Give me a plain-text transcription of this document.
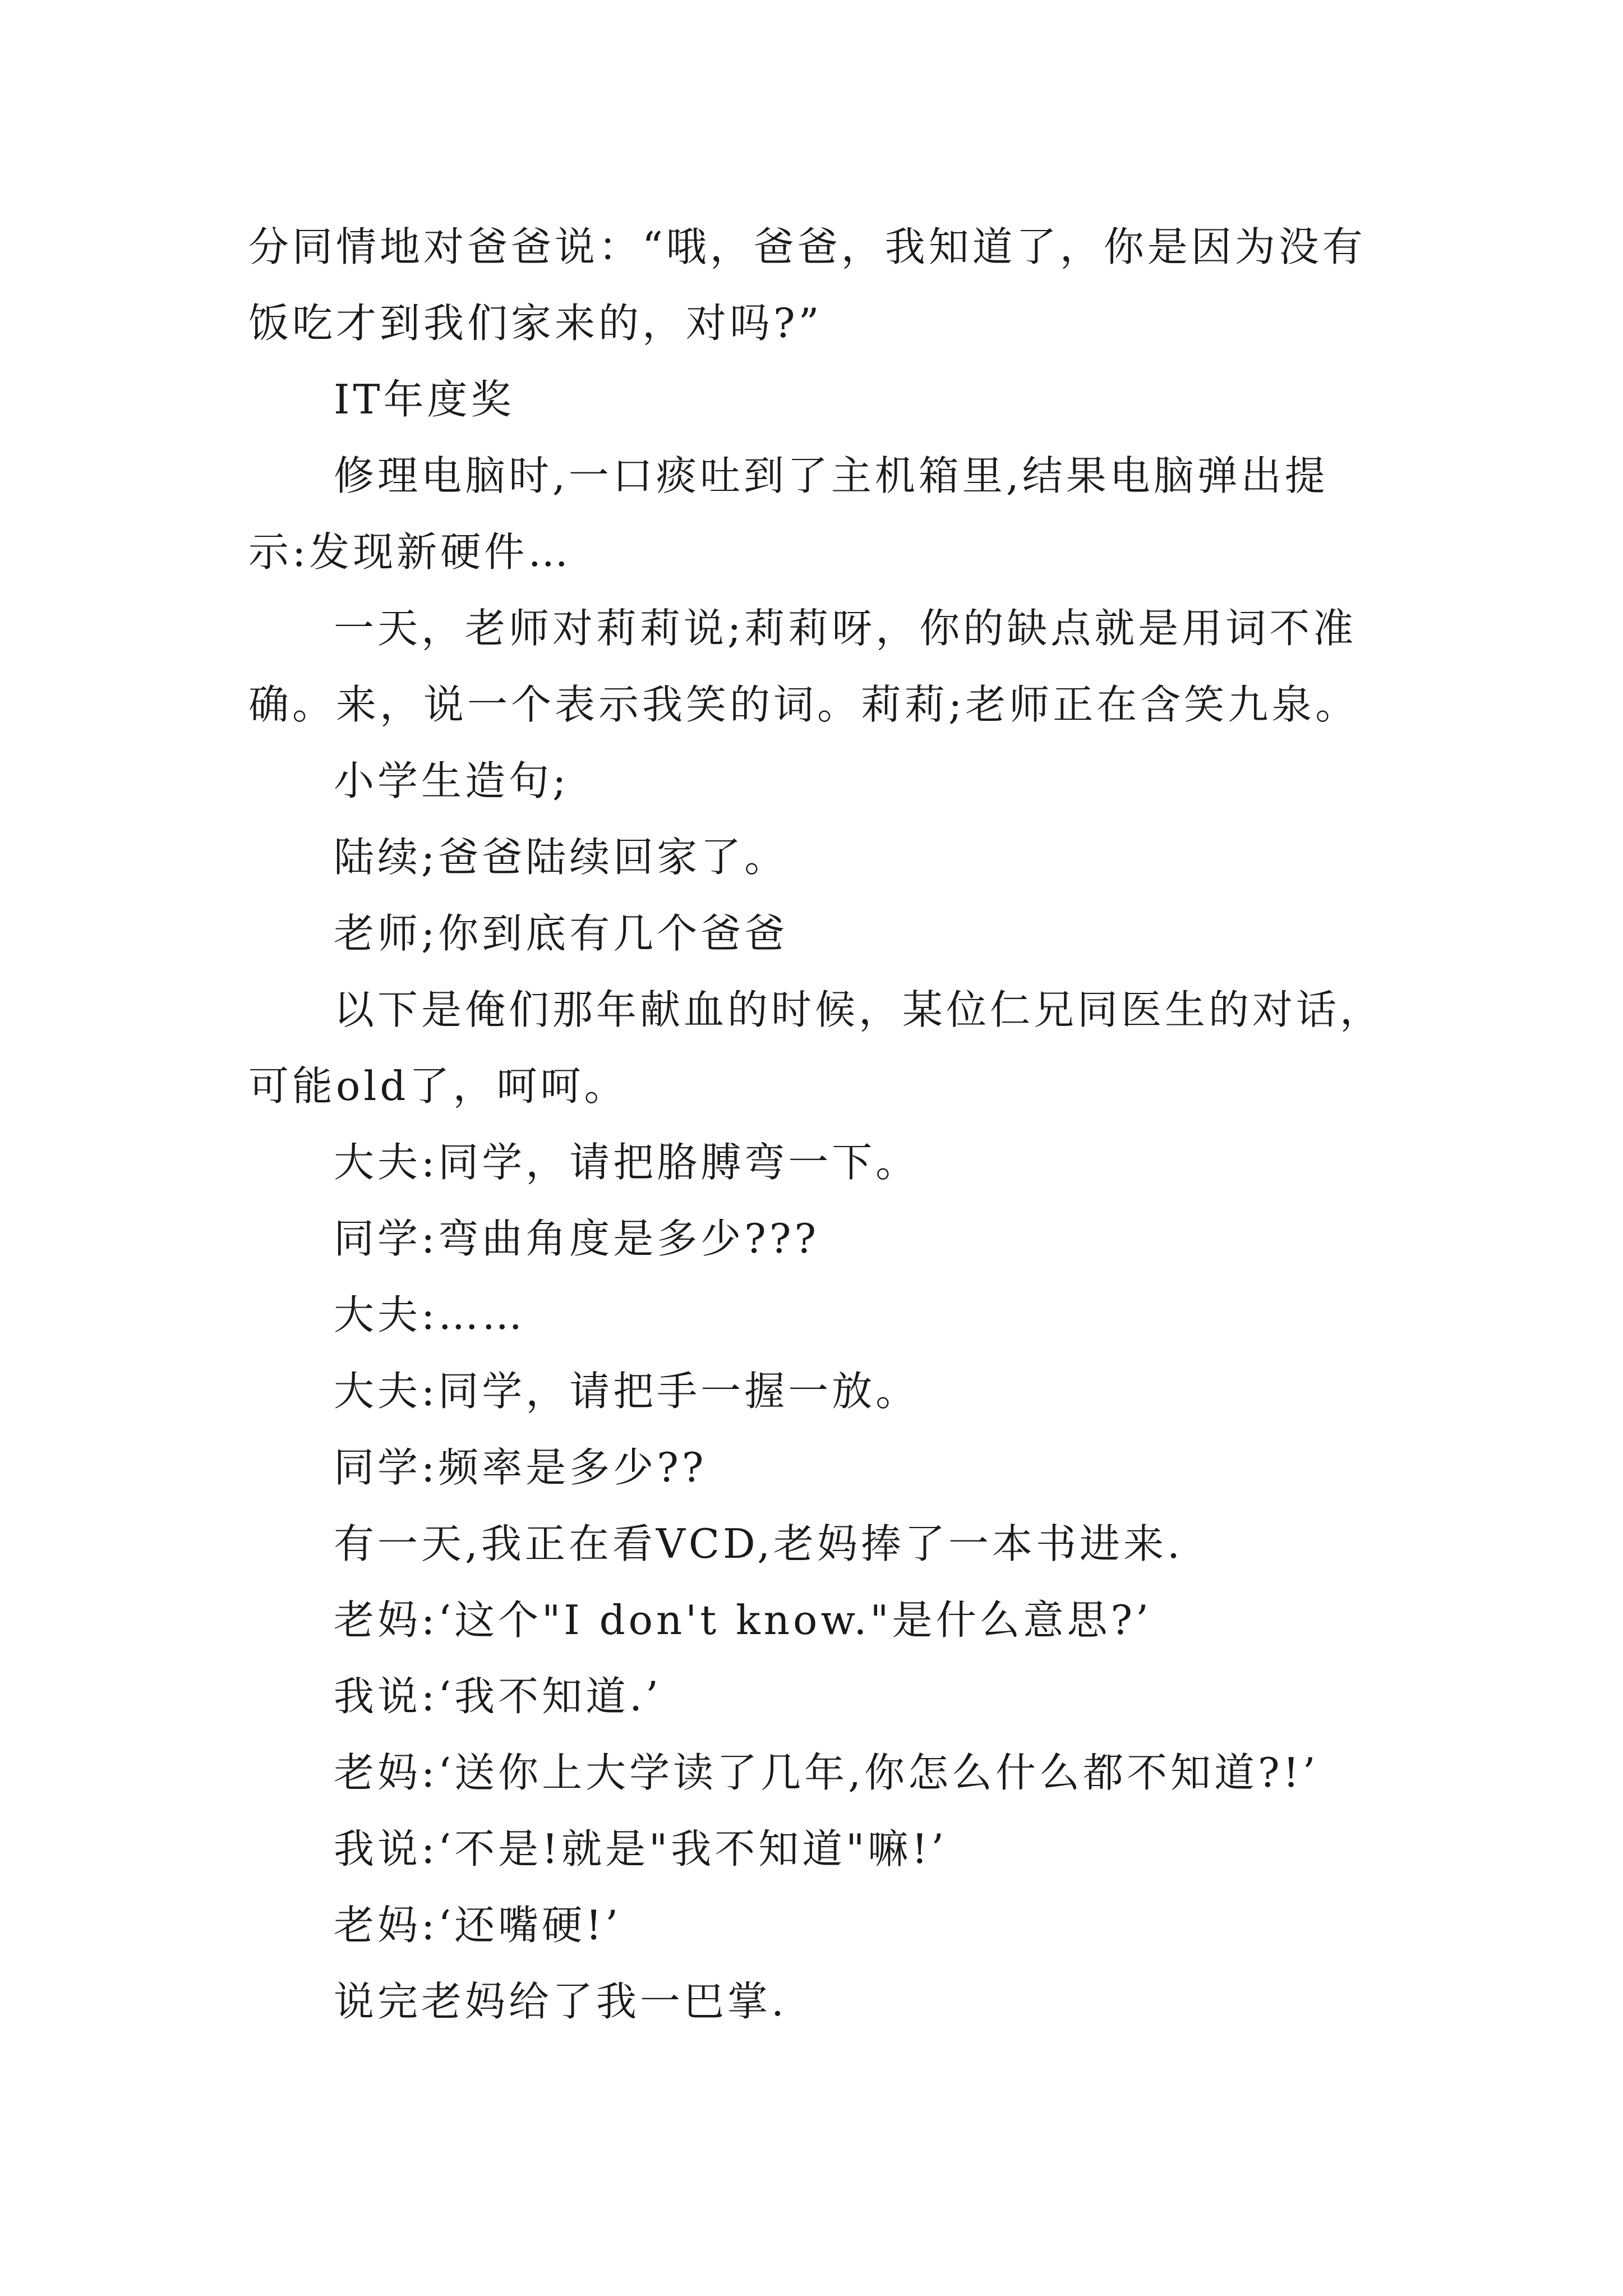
分同情地对爸爸说：“哦，爸爸，我知道了，你是因为没有
饭吃才到我们家来的，对吗?”
IT年度奖
修理电脑时,一口痰吐到了主机箱里,结果电脑弹出提
示:发现新硬件…
一天，老师对莉莉说;莉莉呀，你的缺点就是用词不准
确。来，说一个表示我笑的词。莉莉;老师正在含笑九泉。
小学生造句;
陆续;爸爸陆续回家了。
老师;你到底有几个爸爸
以下是俺们那年献血的时候，某位仁兄同医生的对话，
可能old了，呵呵。
大夫:同学，请把胳膊弯一下。
同学:弯曲角度是多少???
大夫:……
大夫:同学，请把手一握一放。
同学:频率是多少??
有一天,我正在看VCD,老妈捧了一本书进来.
老妈:‘这个"I don't know."是什么意思?’
我说:‘我不知道.’
老妈:‘送你上大学读了几年,你怎么什么都不知道?!’
我说:‘不是!就是"我不知道"嘛!’
老妈:‘还嘴硬!’
说完老妈给了我一巴掌.
